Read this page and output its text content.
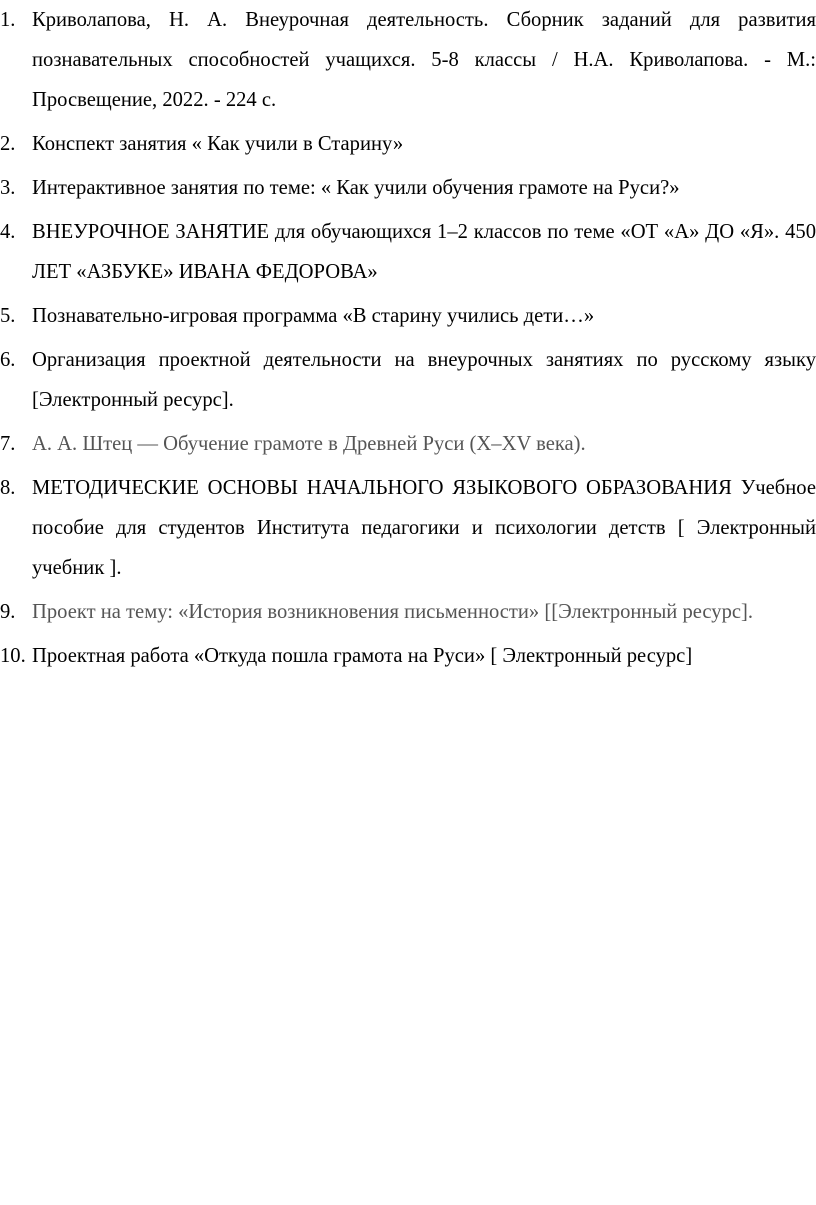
1. Криволапова, Н. А. Внеурочная деятельность. Сборник заданий для развития познавательных способностей учащихся. 5-8 классы / Н.А. Криволапова. - М.: Просвещение, 2022. - 224 с.
2. Конспект занятия « Как учили в Старину»
3. Интерактивное занятия по теме: « Как учили обучения грамоте на Руси?»
4. ВНЕУРОЧНОЕ ЗАНЯТИЕ для обучающихся 1–2 классов по теме «ОТ «А» ДО «Я». 450 ЛЕТ «АЗБУКЕ» ИВАНА ФЕДОРОВА»
5. Познавательно-игровая программа «В старину учились дети…»
6. Организация проектной деятельности на внеурочных занятиях по русскому языку [Электронный ресурс].
7. А. А. Штец — Обучение грамоте в Древней Руси (X–XV века).
8. МЕТОДИЧЕСКИЕ ОСНОВЫ НАЧАЛЬНОГО ЯЗЫКОВОГО ОБРАЗОВАНИЯ Учебное пособие для студентов Института педагогики и психологии детств [ Электронный учебник ].
9. Проект на тему: «История возникновения письменности» [[Электронный ресурс].
10. Проектная работа «Откуда пошла грамота на Руси» [ Электронный ресурс]
